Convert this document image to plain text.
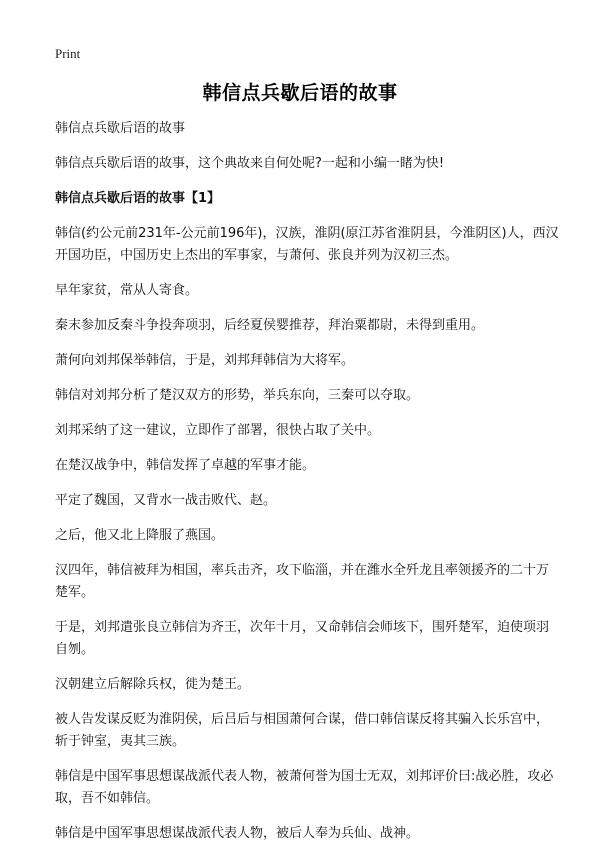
Print
韩信点兵歇后语的故事

韩信点兵歇后语的故事

韩信点兵歇后语的故事，这个典故来自何处呢?一起和小编一睹为快!

韩信点兵歇后语的故事【1】

韩信(约公元前231年-公元前196年)，汉族，淮阴(原江苏省淮阴县，今淮阴区)人，西汉开国功臣，中国历史上杰出的军事家，与萧何、张良并列为汉初三杰。

早年家贫，常从人寄食。

秦末参加反秦斗争投奔项羽，后经夏侯婴推荐，拜治粟都尉，未得到重用。

萧何向刘邦保举韩信，于是，刘邦拜韩信为大将军。

韩信对刘邦分析了楚汉双方的形势，举兵东向，三秦可以夺取。

刘邦采纳了这一建议，立即作了部署，很快占取了关中。

在楚汉战争中，韩信发挥了卓越的军事才能。

平定了魏国，又背水一战击败代、赵。

之后，他又北上降服了燕国。

汉四年，韩信被拜为相国，率兵击齐，攻下临淄，并在潍水全歼龙且率领援齐的二十万楚军。

于是，刘邦遣张良立韩信为齐王，次年十月，又命韩信会师垓下，围歼楚军，迫使项羽自刎。

汉朝建立后解除兵权，徙为楚王。

被人告发谋反贬为淮阴侯，后吕后与相国萧何合谋，借口韩信谋反将其骗入长乐宫中，斩于钟室，夷其三族。

韩信是中国军事思想谋战派代表人物，被萧何誉为国士无双，刘邦评价曰:战必胜，攻必取，吾不如韩信。

韩信是中国军事思想谋战派代表人物，被后人奉为兵仙、战神。
